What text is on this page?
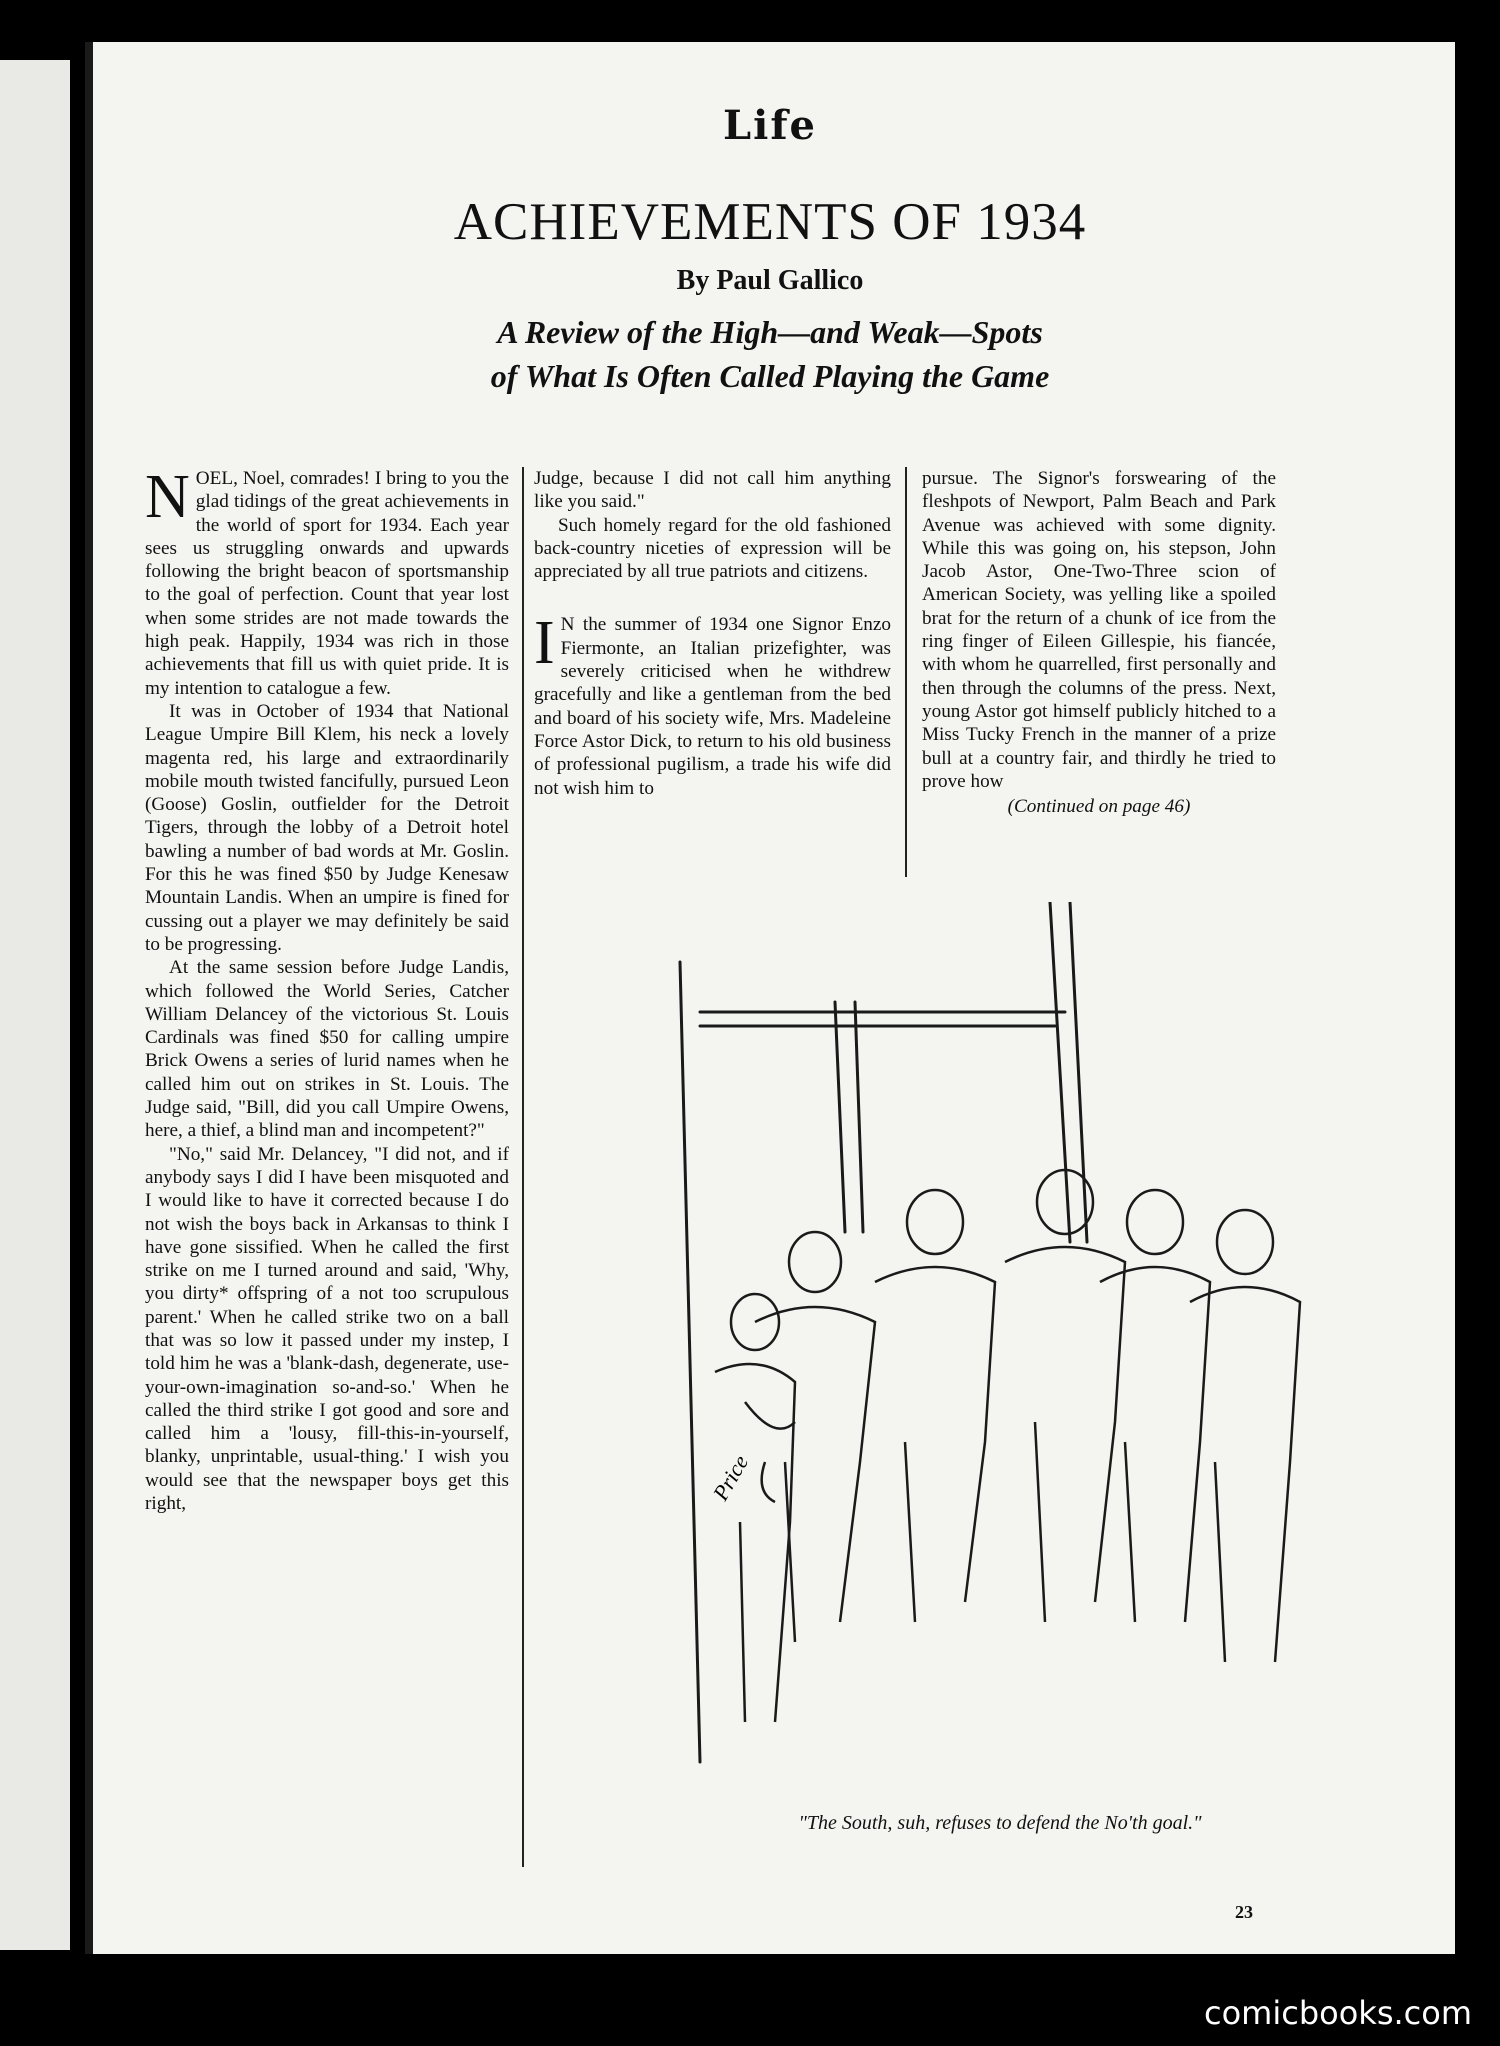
Life
ACHIEVEMENTS OF 1934
By Paul Gallico
A Review of the High—and Weak—Spots
of What Is Often Called Playing the Game

NOEL, Noel, comrades! I bring to you the glad tidings of the great achievements in the world of sport for 1934. Each year sees us struggling onwards and upwards following the bright beacon of sportsmanship to the goal of perfection. Count that year lost when some strides are not made towards the high peak. Happily, 1934 was rich in those achievements that fill us with quiet pride. It is my intention to catalogue a few.

It was in October of 1934 that National League Umpire Bill Klem, his neck a lovely magenta red, his large and extraordinarily mobile mouth twisted fancifully, pursued Leon (Goose) Goslin, outfielder for the Detroit Tigers, through the lobby of a Detroit hotel bawling a number of bad words at Mr. Goslin. For this he was fined $50 by Judge Kenesaw Mountain Landis. When an umpire is fined for cussing out a player we may definitely be said to be progressing.

At the same session before Judge Landis, which followed the World Series, Catcher William Delancey of the victorious St. Louis Cardinals was fined $50 for calling umpire Brick Owens a series of lurid names when he called him out on strikes in St. Louis. The Judge said, "Bill, did you call Umpire Owens, here, a thief, a blind man and incompetent?"

"No," said Mr. Delancey, "I did not, and if anybody says I did I have been misquoted and I would like to have it corrected because I do not wish the boys back in Arkansas to think I have gone sissified. When he called the first strike on me I turned around and said, 'Why, you dirty* offspring of a not too scrupulous parent.' When he called strike two on a ball that was so low it passed under my instep, I told him he was a 'blank-dash, degenerate, use-your-own-imagination so-and-so.' When he called the third strike I got good and sore and called him a 'lousy, fill-this-in-yourself, blanky, unprintable, usual-thing.' I wish you would see that the newspaper boys get this right,

Judge, because I did not call him anything like you said."

Such homely regard for the old fashioned back-country niceties of expression will be appreciated by all true patriots and citizens.

I N the summer of 1934 one Signor Enzo Fiermonte, an Italian prizefighter, was severely criticised when he withdrew gracefully and like a gentleman from the bed and board of his society wife, Mrs. Madeleine Force Astor Dick, to return to his old business of professional pugilism, a trade his wife did not wish him to

pursue. The Signor's forswearing of the fleshpots of Newport, Palm Beach and Park Avenue was achieved with some dignity. While this was going on, his stepson, John Jacob Astor, One-Two-Three scion of American Society, was yelling like a spoiled brat for the return of a chunk of ice from the ring finger of Eileen Gillespie, his fiancée, with whom he quarrelled, first personally and then through the columns of the press. Next, young Astor got himself publicly hitched to a Miss Tucky French in the manner of a prize bull at a country fair, and thirdly he tried to prove how

(Continued on page 46)

Price
"The South, suh, refuses to defend the No'th goal."
23
comicbooks.com
